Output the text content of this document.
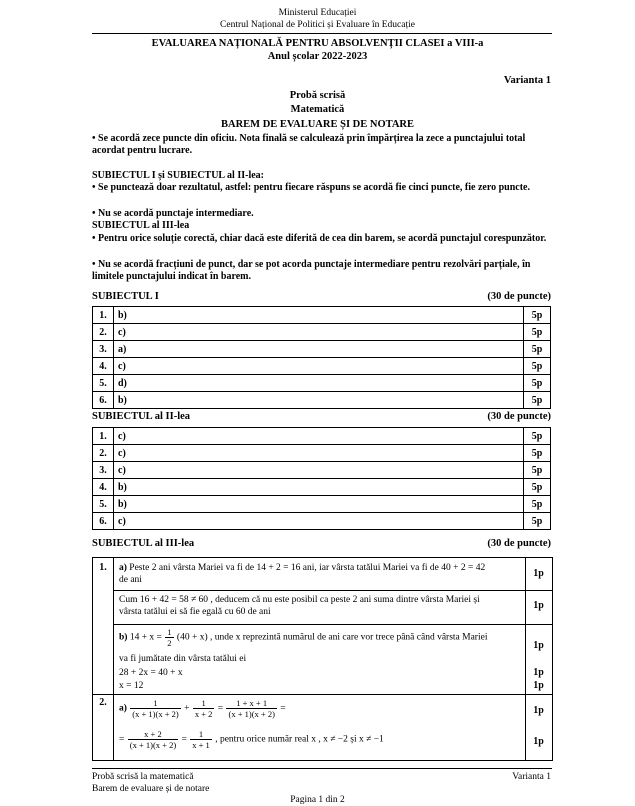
Ministerul Educației
Centrul Național de Politici și Evaluare în Educație
EVALUAREA NAȚIONALĂ PENTRU ABSOLVENȚII CLASEI a VIII-a
Anul școlar 2022-2023
Varianta 1
Probă scrisă
Matematică
BAREM DE EVALUARE ȘI DE NOTARE
• Se acordă zece puncte din oficiu. Nota finală se calculează prin împărțirea la zece a punctajului total acordat pentru lucrare.
SUBIECTUL I și SUBIECTUL al II-lea:
• Se punctează doar rezultatul, astfel: pentru fiecare răspuns se acordă fie cinci puncte, fie zero puncte.
• Nu se acordă punctaje intermediare.
SUBIECTUL al III-lea
• Pentru orice soluție corectă, chiar dacă este diferită de cea din barem, se acordă punctajul corespunzător.
• Nu se acordă fracțiuni de punct, dar se pot acorda punctaje intermediare pentru rezolvări parțiale, în limitele punctajului indicat în barem.
SUBIECTUL I	(30 de puncte)
1.	b)	5p
2.	c)	5p
3.	a)	5p
4.	c)	5p
5.	d)	5p
6.	b)	5p
SUBIECTUL al II-lea	(30 de puncte)
1.	c)	5p
2.	c)	5p
3.	c)	5p
4.	b)	5p
5.	b)	5p
6.	c)	5p
SUBIECTUL al III-lea	(30 de puncte)
1.	a) Peste 2 ani vârsta Mariei va fi de 14 + 2 = 16 ani, iar vârsta tatălui Mariei va fi de 40 + 2 = 42
de ani
1p
Cum 16 + 42 = 58 ≠ 60 , deducem că nu este posibil ca peste 2 ani suma dintre vârsta Mariei și
vârsta tatălui ei să fie egală cu 60 de ani
1p
b) $14 + x = \frac{1}{2} (40 + x)$ , unde x reprezintă numărul de ani care vor trece până când vârsta Mariei
va fi jumătate din vârsta tatălui ei
1p
28 + 2x = 40 + x	1p
x = 12	1p
2.
$a) \frac{1}{(x + 1)(x + 2)} + \frac{1}{x + 2} = \frac{1 + x + 1}{(x + 1)(x + 2)}$ =	1p
= $\frac{x + 2}{(x + 1)(x + 2)} = \frac{1}{x + 1}$ , pentru orice număr real x , x ≠ −2 și x ≠ −1	1p
Probă scrisă la matematică	Varianta 1
Barem de evaluare și de notare
Pagina 1 din 2
